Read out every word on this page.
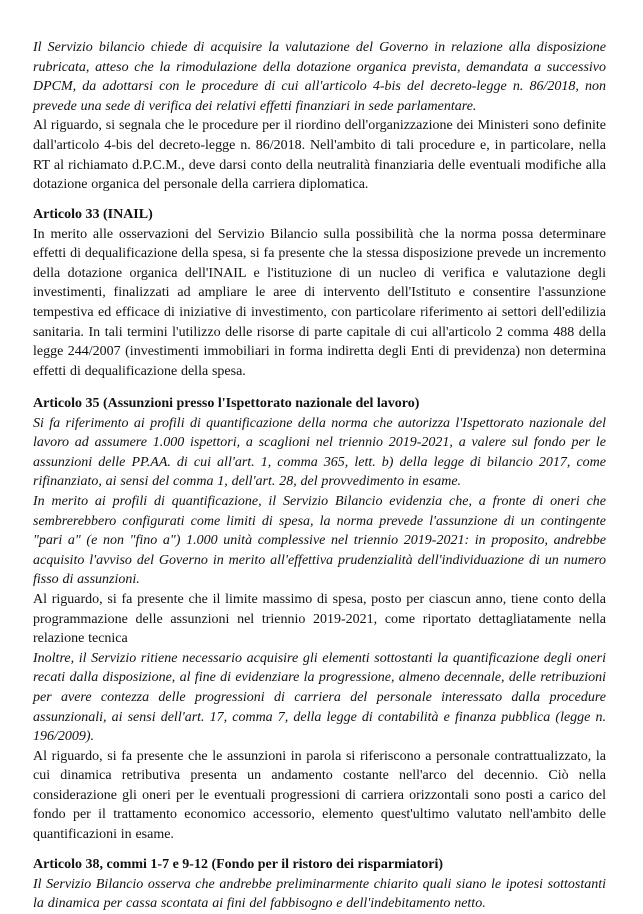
Il Servizio bilancio chiede di acquisire la valutazione del Governo in relazione alla disposizione rubricata, atteso che la rimodulazione della dotazione organica prevista, demandata a successivo DPCM, da adottarsi con le procedure di cui all'articolo 4-bis del decreto-legge n. 86/2018, non prevede una sede di verifica dei relativi effetti finanziari in sede parlamentare.

Al riguardo, si segnala che le procedure per il riordino dell'organizzazione dei Ministeri sono definite dall'articolo 4-bis del decreto-legge n. 86/2018. Nell'ambito di tali procedure e, in particolare, nella RT al richiamato d.P.C.M., deve darsi conto della neutralità finanziaria delle eventuali modifiche alla dotazione organica del personale della carriera diplomatica.

Articolo 33 (INAIL)

In merito alle osservazioni del Servizio Bilancio sulla possibilità che la norma possa determinare effetti di dequalificazione della spesa, si fa presente che la stessa disposizione prevede un incremento della dotazione organica dell'INAIL e l'istituzione di un nucleo di verifica e valutazione degli investimenti, finalizzati ad ampliare le aree di intervento dell'Istituto e consentire l'assunzione tempestiva ed efficace di iniziative di investimento, con particolare riferimento ai settori dell'edilizia sanitaria. In tali termini l'utilizzo delle risorse di parte capitale di cui all'articolo 2 comma 488 della legge 244/2007 (investimenti immobiliari in forma indiretta degli Enti di previdenza) non determina effetti di dequalificazione della spesa.

Articolo 35 (Assunzioni presso l'Ispettorato nazionale del lavoro)

Si fa riferimento ai profili di quantificazione della norma che autorizza l'Ispettorato nazionale del lavoro ad assumere 1.000 ispettori, a scaglioni nel triennio 2019-2021, a valere sul fondo per le assunzioni delle PP.AA. di cui all'art. 1, comma 365, lett. b) della legge di bilancio 2017, come rifinanziato, ai sensi del comma 1, dell'art. 28, del provvedimento in esame.

In merito ai profili di quantificazione, il Servizio Bilancio evidenzia che, a fronte di oneri che sembrerebbero configurati come limiti di spesa, la norma prevede l'assunzione di un contingente "pari a" (e non "fino a") 1.000 unità complessive nel triennio 2019-2021: in proposito, andrebbe acquisito l'avviso del Governo in merito all'effettiva prudenzialità dell'individuazione di un numero fisso di assunzioni.

Al riguardo, si fa presente che il limite massimo di spesa, posto per ciascun anno, tiene conto della programmazione delle assunzioni nel triennio 2019-2021, come riportato dettagliatamente nella relazione tecnica

Inoltre, il Servizio ritiene necessario acquisire gli elementi sottostanti la quantificazione degli oneri recati dalla disposizione, al fine di evidenziare la progressione, almeno decennale, delle retribuzioni per avere contezza delle progressioni di carriera del personale interessato dalla procedure assunzionali, ai sensi dell'art. 17, comma 7, della legge di contabilità e finanza pubblica (legge n. 196/2009).

Al riguardo, si fa presente che le assunzioni in parola si riferiscono a personale contrattualizzato, la cui dinamica retributiva presenta un andamento costante nell'arco del decennio. Ciò nella considerazione gli oneri per le eventuali progressioni di carriera orizzontali sono posti a carico del fondo per il trattamento economico accessorio, elemento quest'ultimo valutato nell'ambito delle quantificazioni in esame.

Articolo 38, commi 1-7 e 9-12 (Fondo per il ristoro dei risparmiatori)

Il Servizio Bilancio osserva che andrebbe preliminarmente chiarito quali siano le ipotesi sottostanti la dinamica per cassa scontata ai fini del fabbisogno e dell'indebitamento netto.
